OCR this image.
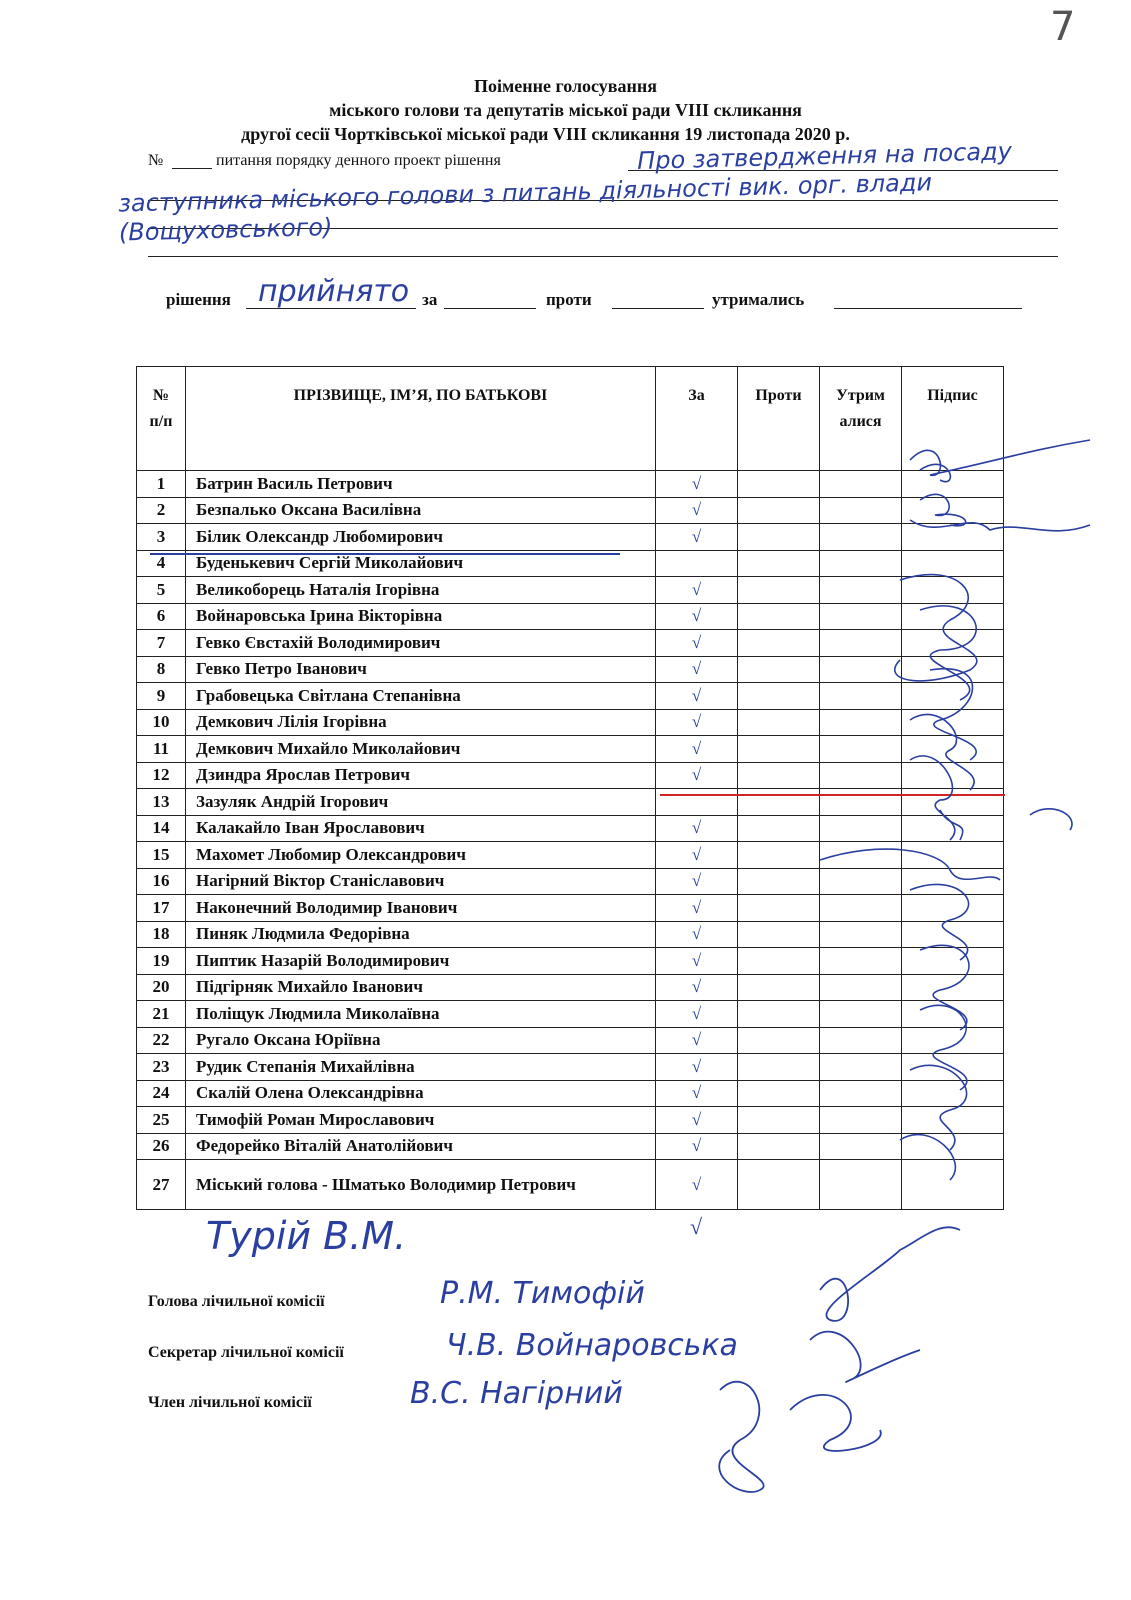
7
Поіменне голосування
міського голови та депутатів міської ради VIII скликання
другої сесії Чортківської міської ради VIII скликання 19 листопада 2020 р.
№	питання порядку денного проект рішення	Про затвердження на посаду заступника міського голови з питань діяльності вик. орг. влади (Вощуховського)
рішення прийнято за	проти	утримались
№ п/п	ПРІЗВИЩЕ, ІМ’Я, ПО БАТЬКОВІ	За	Проти	Утрималися	Підпис
1	Батрин Василь Петрович	√			
2	Безпалько Оксана Василівна	√			
3	Білик Олександр Любомирович	√			
4	Буденькевич Сергій Миколайович				
5	Великоборець Наталія Ігорівна	√			
6	Войнаровська Ірина Вікторівна	√			
7	Гевко Євстахій Володимирович	√			
8	Гевко Петро Іванович	√			
9	Грабовецька Світлана Степанівна	√			
10	Демкович Лілія Ігорівна	√			
11	Демкович Михайло Миколайович	√			
12	Дзиндра Ярослав Петрович	√			
13	Зазуляк Андрій Ігорович				
14	Калакайло Іван Ярославович	√			
15	Махомет Любомир Олександрович	√			
16	Нагірний Віктор Станіславович	√			
17	Наконечний Володимир Іванович	√			
18	Пиняк Людмила Федорівна	√			
19	Пиптик Назарій Володимирович	√			
20	Підгірняк Михайло Іванович	√			
21	Поліщук Людмила Миколаївна	√			
22	Ругало Оксана Юріївна	√			
23	Рудик Степанія Михайлівна	√			
24	Скалій Олена Олександрівна	√			
25	Тимофій Роман Мирославович	√			
26	Федорейко Віталій Анатолійович	√			
27	Міський голова - Шматько Володимир Петрович	√			
Турій В.М.	√
Голова лічильної комісії	Р.М. Тимофій
Секретар лічильної комісії	Ч.В. Войнаровська
Член лічильної комісії	В.С. Нагірний
